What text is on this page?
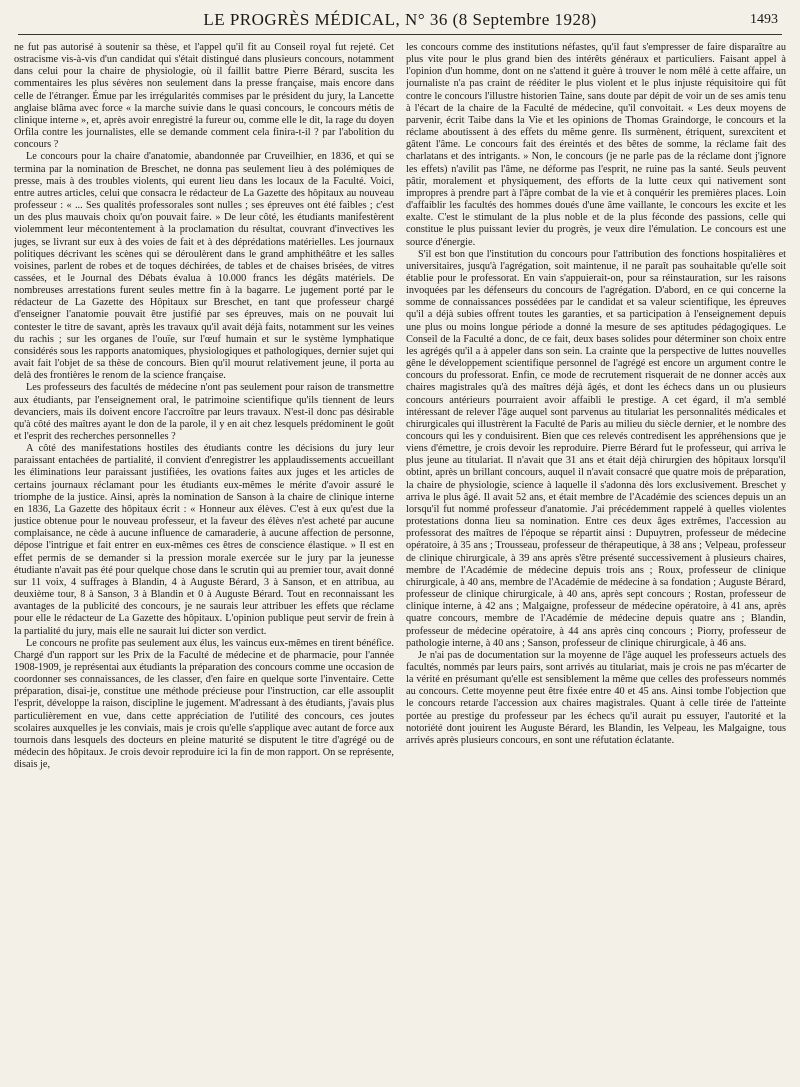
LE PROGRÈS MÉDICAL, N° 36 (8 Septembre 1928)	1493

ne fut pas autorisé à soutenir sa thèse, et l'appel qu'il fit au Conseil royal fut rejeté. Cet ostracisme vis-à-vis d'un candidat qui s'était distingué dans plusieurs concours, notamment dans celui pour la chaire de physiologie, où il faillit battre Pierre Bérard, suscita les commentaires les plus sévères non seulement dans la presse française, mais encore dans celle de l'étranger. Émue par les irrégularités commises par le président du jury, la Lancette anglaise blâma avec force « la marche suivie dans le quasi concours, le concours métis de clinique interne », et, après avoir enregistré la fureur ou, comme elle le dit, la rage du doyen Orfila contre les journalistes, elle se demande comment cela finira-t-il ? par l'abolition du concours ?

Le concours pour la chaire d'anatomie, abandonnée par Cruveilhier, en 1836, et qui se termina par la nomination de Breschet, ne donna pas seulement lieu à des polémiques de presse, mais à des troubles violents, qui eurent lieu dans les locaux de la Faculté. Voici, entre autres articles, celui que consacra le rédacteur de La Gazette des hôpitaux au nouveau professeur : « ... Ses qualités professorales sont nulles ; ses épreuves ont été faibles ; c'est un des plus mauvais choix qu'on pouvait faire. » De leur côté, les étudiants manifestèrent violemment leur mécontentement à la proclamation du résultat, couvrant d'invectives les juges, se livrant sur eux à des voies de fait et à des déprédations matérielles. Les journaux politiques décrivant les scènes qui se déroulèrent dans le grand amphithéâtre et les salles voisines, parlent de robes et de toques déchirées, de tables et de chaises brisées, de vitres cassées, et le Journal des Débats évalua à 10.000 francs les dégâts matériels. De nombreuses arrestations furent seules mettre fin à la bagarre. Le jugement porté par le rédacteur de La Gazette des Hôpitaux sur Breschet, en tant que professeur chargé d'enseigner l'anatomie pouvait être justifié par ses épreuves, mais on ne pouvait lui contester le titre de savant, après les travaux qu'il avait déjà faits, notamment sur les veines du rachis ; sur les organes de l'ouïe, sur l'œuf humain et sur le système lymphatique considérés sous les rapports anatomiques, physiologiques et pathologiques, dernier sujet qui avait fait l'objet de sa thèse de concours. Bien qu'il mourut relativement jeune, il porta au delà des frontières le renom de la science française.

Les professeurs des facultés de médecine n'ont pas seulement pour raison de transmettre aux étudiants, par l'enseignement oral, le patrimoine scientifique qu'ils tiennent de leurs devanciers, mais ils doivent encore l'accroître par leurs travaux. N'est-il donc pas désirable qu'à côté des maîtres ayant le don de la parole, il y en ait chez lesquels prédominent le goût et l'esprit des recherches personnelles ?

A côté des manifestations hostiles des étudiants contre les décisions du jury leur paraissant entachées de partialité, il convient d'enregistrer les applaudissements accueillant les éliminations leur paraissant justifiées, les ovations faites aux juges et les articles de certains journaux réclamant pour les étudiants eux-mêmes le mérite d'avoir assuré le triomphe de la justice. Ainsi, après la nomination de Sanson à la chaire de clinique interne en 1836, La Gazette des hôpitaux écrit : « Honneur aux élèves. C'est à eux qu'est due la justice obtenue pour le nouveau professeur, et la faveur des élèves n'est acheté par aucune complaisance, ne cède à aucune influence de camaraderie, à aucune affection de personne, dépose l'intrigue et fait entrer en eux-mêmes ces êtres de conscience élastique. » Il est en effet permis de se demander si la pression morale exercée sur le jury par la jeunesse étudiante n'avait pas été pour quelque chose dans le scrutin qui au premier tour, avait donné sur 11 voix, 4 suffrages à Blandin, 4 à Auguste Bérard, 3 à Sanson, et en attribua, au deuxième tour, 8 à Sanson, 3 à Blandin et 0 à Auguste Bérard. Tout en reconnaissant les avantages de la publicité des concours, je ne saurais leur attribuer les effets que réclame pour elle le rédacteur de La Gazette des hôpitaux. L'opinion publique peut servir de frein à la partialité du jury, mais elle ne saurait lui dicter son verdict.

Le concours ne profite pas seulement aux élus, les vaincus eux-mêmes en tirent bénéfice. Chargé d'un rapport sur les Prix de la Faculté de médecine et de pharmacie, pour l'année 1908-1909, je représentai aux étudiants la préparation des concours comme une occasion de coordonner ses connaissances, de les classer, d'en faire en quelque sorte l'inventaire. Cette préparation, disai-je, constitue une méthode précieuse pour l'instruction, car elle assouplit l'esprit, développe la raison, discipline le jugement. M'adressant à des étudiants, j'avais plus particulièrement en vue, dans cette appréciation de l'utilité des concours, ces joutes scolaires auxquelles je les conviais, mais je crois qu'elle s'applique avec autant de force aux tournois dans lesquels des docteurs en pleine maturité se disputent le titre d'agrégé ou de médecin des hôpitaux. Je crois devoir reproduire ici la fin de mon rapport. On se représente, disais je,

les concours comme des institutions néfastes, qu'il faut s'empresser de faire disparaître au plus vite pour le plus grand bien des intérêts généraux et particuliers. Faisant appel à l'opinion d'un homme, dont on ne s'attend it guère à trouver le nom mêlé à cette affaire, un journaliste n'a pas craint de rééditer le plus violent et le plus injuste réquisitoire qui fût contre le concours l'illustre historien Taine, sans doute par dépit de voir un de ses amis tenu à l'écart de la chaire de la Faculté de médecine, qu'il convoitait. « Les deux moyens de parvenir, écrit Taibe dans la Vie et les opinions de Thomas Graindorge, le concours et la réclame aboutissent à des effets du même genre. Ils surmènent, étriquent, surexcitent et gâtent l'âme. Le concours fait des éreintés et des bêtes de somme, la réclame fait des charlatans et des intrigants. » Non, le concours (je ne parle pas de la réclame dont j'ignore les effets) n'avilit pas l'âme, ne déforme pas l'esprit, ne ruine pas la santé. Seuls peuvent pâtir, moralement et physiquement, des efforts de la lutte ceux qui nativement sont impropres à prendre part à l'âpre combat de la vie et à conquérir les premières places. Loin d'affaiblir les facultés des hommes doués d'une âme vaillante, le concours les excite et les exalte. C'est le stimulant de la plus noble et de la plus féconde des passions, celle qui constitue le plus puissant levier du progrès, je veux dire l'émulation. Le concours est une source d'énergie.

S'il est bon que l'institution du concours pour l'attribution des fonctions hospitalières et universitaires, jusqu'à l'agrégation, soit maintenue, il ne paraît pas souhaitable qu'elle soit établie pour le professorat. En vain s'appuierait-on, pour sa réinstauration, sur les raisons invoquées par les défenseurs du concours de l'agrégation. D'abord, en ce qui concerne la somme de connaissances possédées par le candidat et sa valeur scientifique, les épreuves qu'il a déjà subies offrent toutes les garanties, et sa participation à l'enseignement depuis une plus ou moins longue période a donné la mesure de ses aptitudes pédagogiques. Le Conseil de la Faculté a donc, de ce fait, deux bases solides pour déterminer son choix entre les agrégés qu'il a à appeler dans son sein. La crainte que la perspective de luttes nouvelles gêne le développement scientifique personnel de l'agrégé est encore un argument contre le concours du professorat. Enfin, ce mode de recrutement risquerait de ne donner accès aux chaires magistrales qu'à des maîtres déjà âgés, et dont les échecs dans un ou plusieurs concours antérieurs pourraient avoir affaibli le prestige. A cet égard, il m'a semblé intéressant de relever l'âge auquel sont parvenus au titulariat les personnalités médicales et chirurgicales qui illustrèrent la Faculté de Paris au milieu du siècle dernier, et le nombre des concours qui les y conduisirent. Bien que ces relevés contredisent les appréhensions que je viens d'émettre, je crois devoir les reproduire. Pierre Bérard fut le professeur, qui arriva le plus jeune au titulariat. Il n'avait que 31 ans et était déjà chirurgien des hôpitaux lorsqu'il obtint, après un brillant concours, auquel il n'avait consacré que quatre mois de préparation, la chaire de physiologie, science à laquelle il s'adonna dès lors exclusivement. Breschet y arriva le plus âgé. Il avait 52 ans, et était membre de l'Académie des sciences depuis un an lorsqu'il fut nommé professeur d'anatomie. J'ai précédemment rappelé à quelles violentes protestations donna lieu sa nomination. Entre ces deux âges extrêmes, l'accession au professorat des maîtres de l'époque se répartit ainsi : Dupuytren, professeur de médecine opératoire, à 35 ans ; Trousseau, professeur de thérapeutique, à 38 ans ; Velpeau, professeur de clinique chirurgicale, à 39 ans après s'être présenté successivement à plusieurs chaires, membre de l'Académie de médecine depuis trois ans ; Roux, professeur de clinique chirurgicale, à 40 ans, membre de l'Académie de médecine à sa fondation ; Auguste Bérard, professeur de clinique chirurgicale, à 40 ans, après sept concours ; Rostan, professeur de clinique interne, à 42 ans ; Malgaigne, professeur de médecine opératoire, à 41 ans, après quatre concours, membre de l'Académie de médecine depuis quatre ans ; Blandin, professeur de médecine opératoire, à 44 ans après cinq concours ; Piorry, professeur de pathologie interne, à 40 ans ; Sanson, professeur de clinique chirurgicale, à 46 ans.

Je n'ai pas de documentation sur la moyenne de l'âge auquel les professeurs actuels des facultés, nommés par leurs pairs, sont arrivés au titulariat, mais je crois ne pas m'écarter de la vérité en présumant qu'elle est sensiblement la même que celles des professeurs nommés au concours. Cette moyenne peut être fixée entre 40 et 45 ans. Ainsi tombe l'objection que le concours retarde l'accession aux chaires magistrales. Quant à celle tirée de l'atteinte portée au prestige du professeur par les échecs qu'il aurait pu essuyer, l'autorité et la notoriété dont jouirent les Auguste Bérard, les Blandin, les Velpeau, les Malgaigne, tous arrivés après plusieurs concours, en sont une réfutation éclatante.
